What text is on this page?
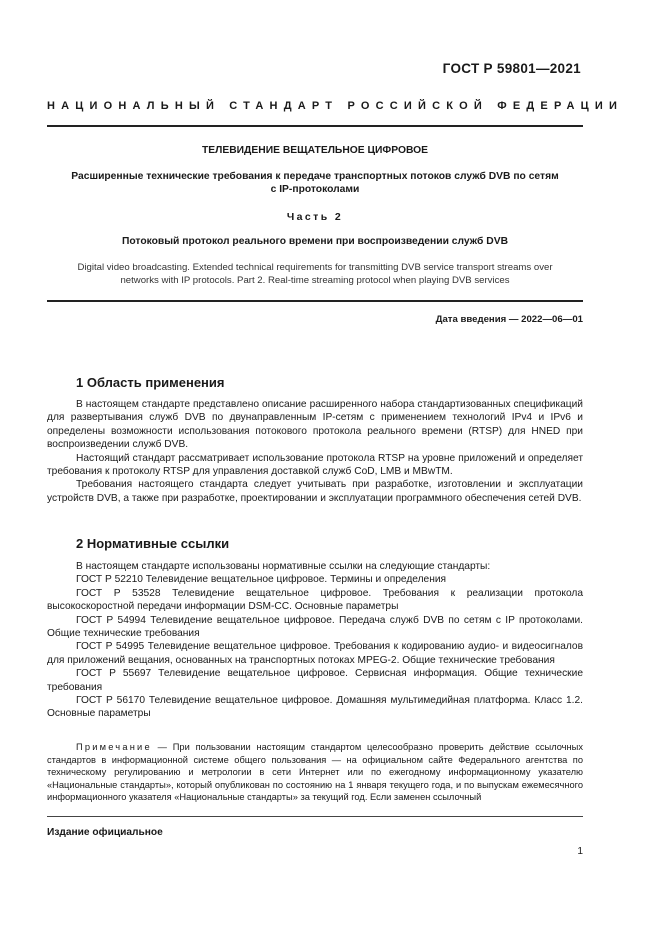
ГОСТ Р 59801—2021
НАЦИОНАЛЬНЫЙ СТАНДАРТ РОССИЙСКОЙ ФЕДЕРАЦИИ
ТЕЛЕВИДЕНИЕ ВЕЩАТЕЛЬНОЕ ЦИФРОВОЕ
Расширенные технические требования к передаче транспортных потоков служб DVB по сетям
с IP-протоколами
Часть 2
Потоковый протокол реального времени при воспроизведении служб DVB
Digital video broadcasting. Extended technical requirements for transmitting DVB service transport streams over
networks with IP protocols. Part 2. Real-time streaming protocol when playing DVB services
Дата введения — 2022—06—01
1 Область применения

В настоящем стандарте представлено описание расширенного набора стандартизованных спецификаций для развертывания служб DVB по двунаправленным IP-сетям с применением технологий IPv4 и IPv6 и определены возможности использования потокового протокола реального времени (RTSP) для HNED при воспроизведении служб DVB.

Настоящий стандарт рассматривает использование протокола RTSP на уровне приложений и определяет требования к протоколу RTSP для управления доставкой служб CoD, LMB и MBwTM.

Требования настоящего стандарта следует учитывать при разработке, изготовлении и эксплуатации устройств DVB, а также при разработке, проектировании и эксплуатации программного обеспечения сетей DVB.

2 Нормативные ссылки

В настоящем стандарте использованы нормативные ссылки на следующие стандарты:

ГОСТ Р 52210 Телевидение вещательное цифровое. Термины и определения

ГОСТ Р 53528 Телевидение вещательное цифровое. Требования к реализации протокола высокоскоростной передачи информации DSM-CC. Основные параметры

ГОСТ Р 54994 Телевидение вещательное цифровое. Передача служб DVB по сетям с IP протоколами. Общие технические требования

ГОСТ Р 54995 Телевидение вещательное цифровое. Требования к кодированию аудио- и видеосигналов для приложений вещания, основанных на транспортных потоках MPEG-2. Общие технические требования

ГОСТ Р 55697 Телевидение вещательное цифровое. Сервисная информация. Общие технические требования

ГОСТ Р 56170 Телевидение вещательное цифровое. Домашняя мультимедийная платформа. Класс 1.2. Основные параметры

Примечание — При пользовании настоящим стандартом целесообразно проверить действие ссылочных стандартов в информационной системе общего пользования — на официальном сайте Федерального агентства по техническому регулированию и метрологии в сети Интернет или по ежегодному информационному указателю «Национальные стандарты», который опубликован по состоянию на 1 января текущего года, и по выпускам ежемесячного информационного указателя «Национальные стандарты» за текущий год. Если заменен ссылочный

Издание официальное
1
